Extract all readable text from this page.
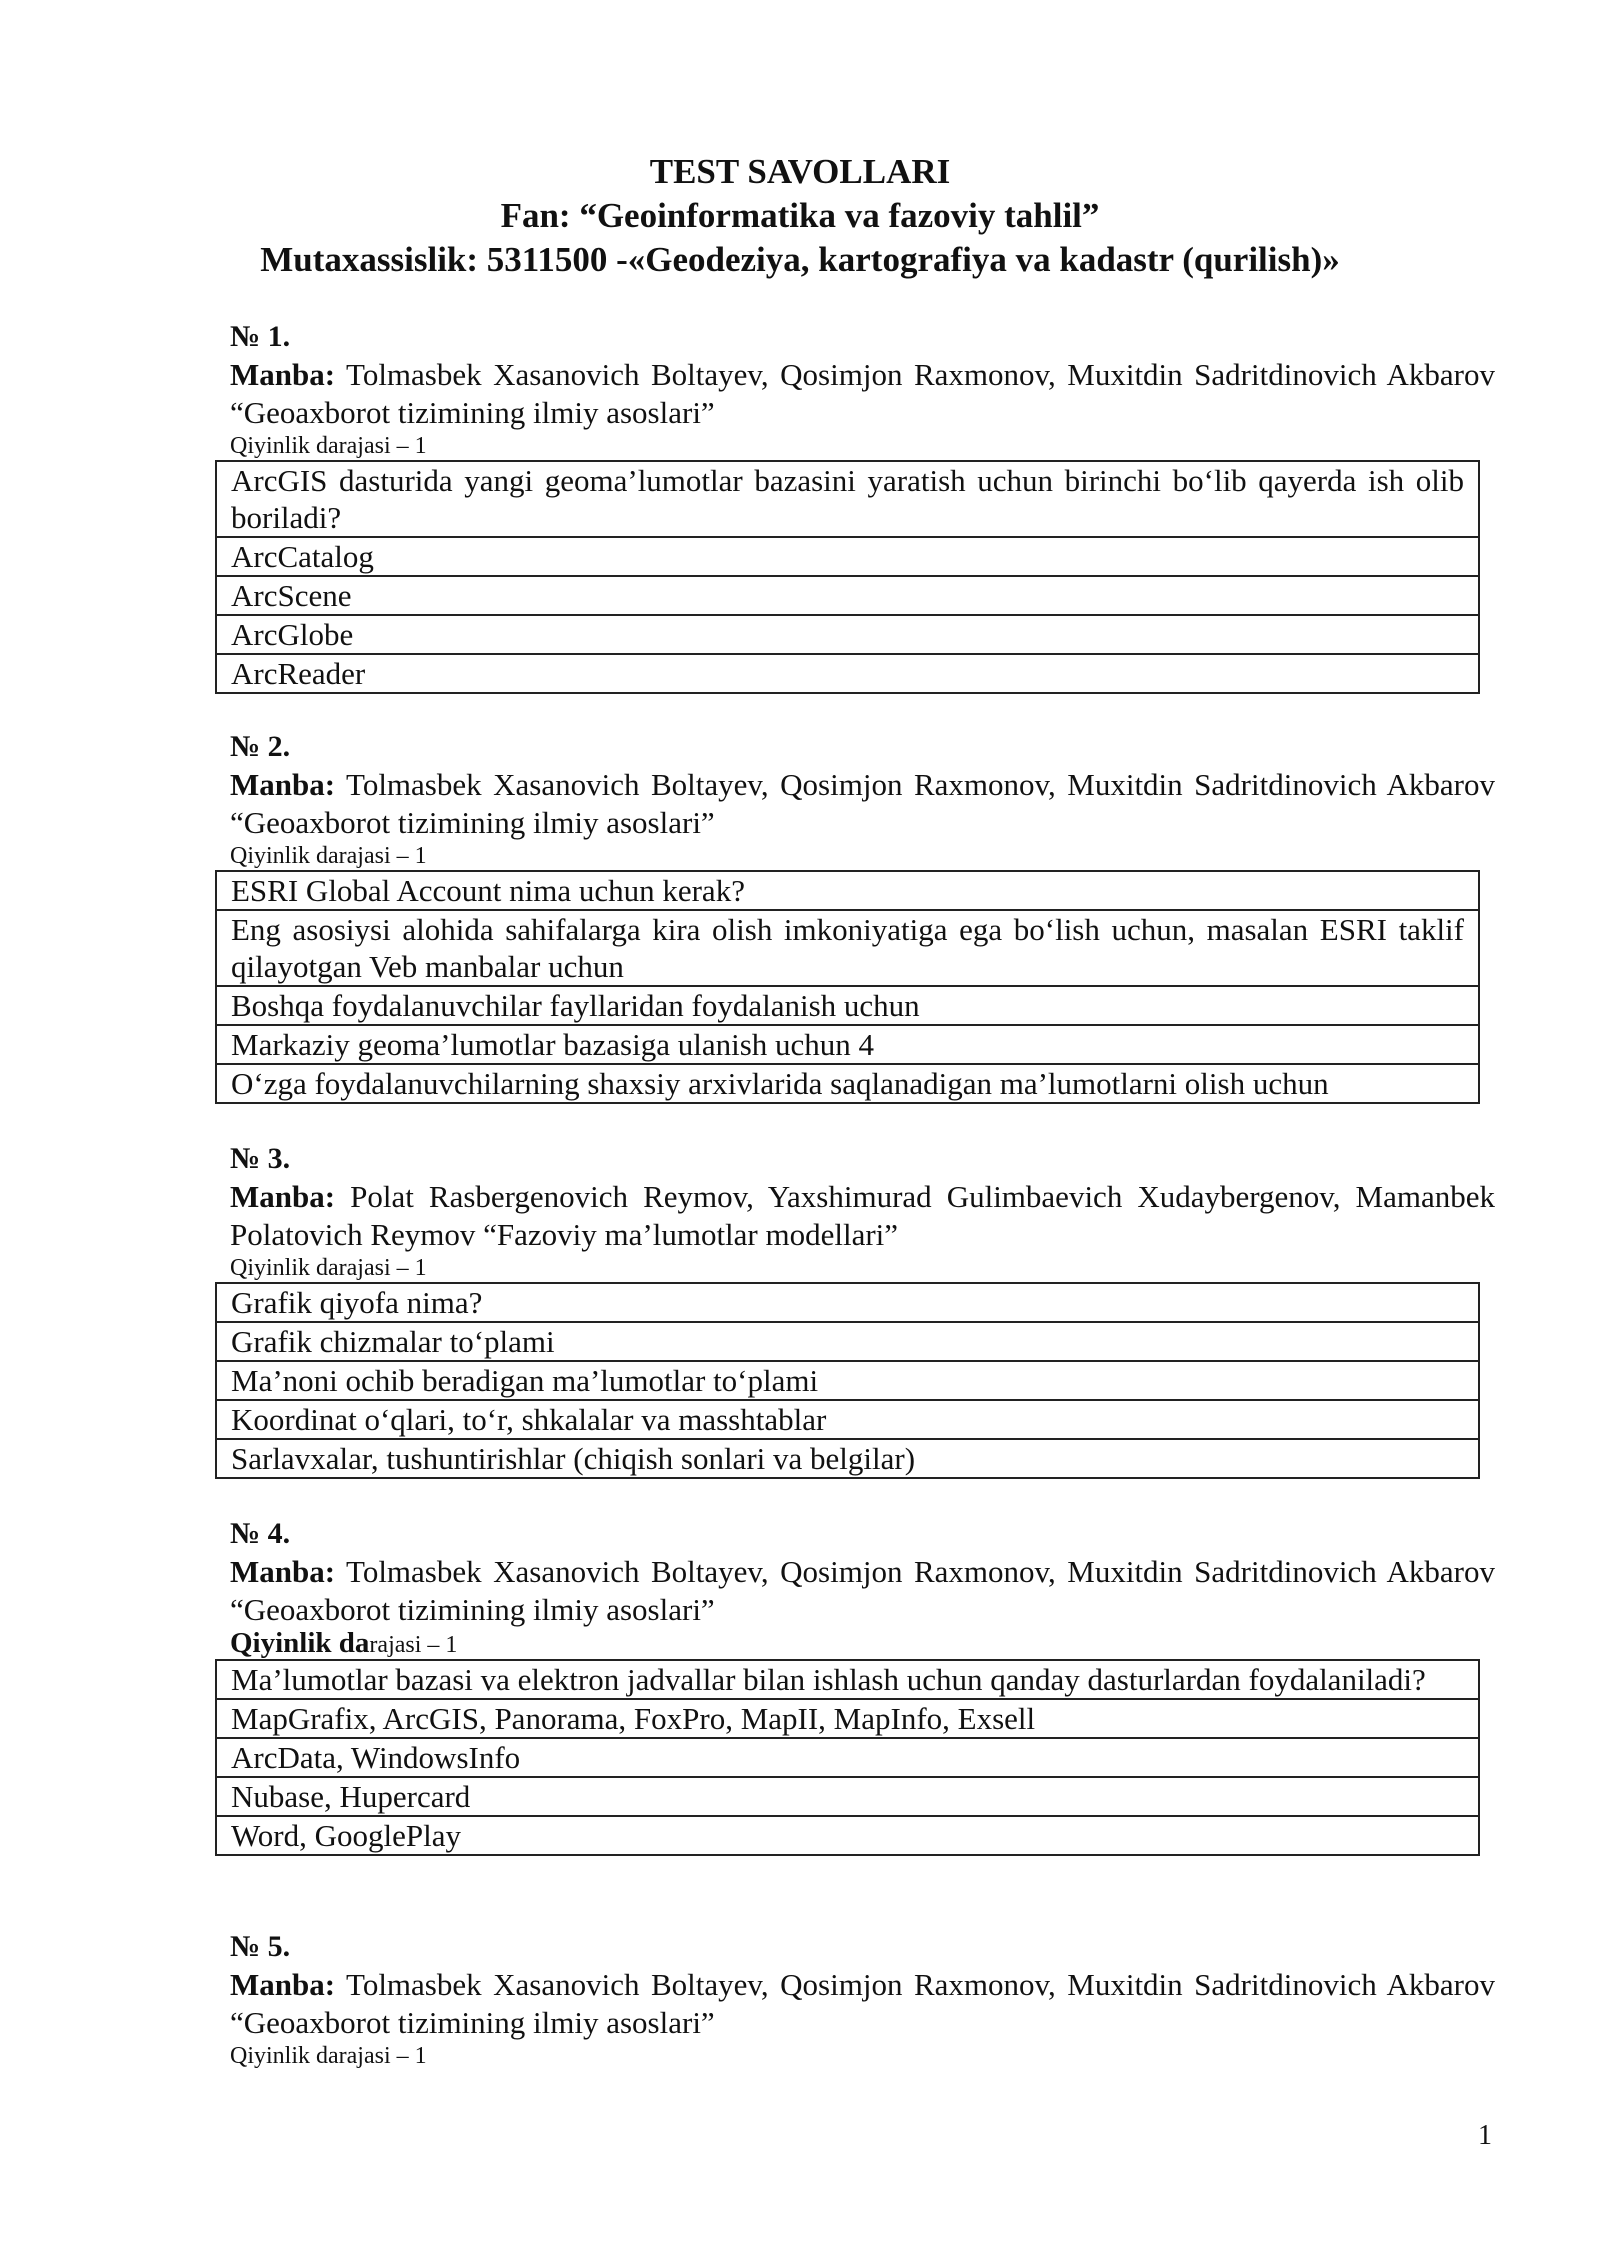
TEST SAVOLLARI
Fan: “Geoinformatika va fazoviy tahlil”
Mutaxassislik: 5311500 -«Geodeziya, kartografiya va kadastr (qurilish)»
№ 1.
Manba: Tolmasbek Xasanovich Boltayev, Qosimjon Raxmonov, Muxitdin Sadritdinovich Akbarov “Geoaxborot tizimining ilmiy asoslari”
Qiyinlik darajasi – 1
ArcGIS dasturida yangi geoma’lumotlar bazasini yaratish uchun birinchi bo‘lib qayerda ish olib boriladi?
ArcCatalog
ArcScene
ArcGlobe
ArcReader
№ 2.
Manba: Tolmasbek Xasanovich Boltayev, Qosimjon Raxmonov, Muxitdin Sadritdinovich Akbarov “Geoaxborot tizimining ilmiy asoslari”
Qiyinlik darajasi – 1
ESRI Global Account nima uchun kerak?
Eng asosiysi alohida sahifalarga kira olish imkoniyatiga ega bo‘lish uchun, masalan ESRI taklif qilayotgan Veb manbalar uchun
Boshqa foydalanuvchilar fayllaridan foydalanish uchun
Markaziy geoma’lumotlar bazasiga ulanish uchun 4
O‘zga foydalanuvchilarning shaxsiy arxivlarida saqlanadigan ma’lumotlarni olish uchun
№ 3.
Manba: Polat Rasbergenovich Reymov, Yaxshimurad Gulimbaevich Xudaybergenov, Mamanbek Polatovich Reymov “Fazoviy ma’lumotlar modellari”
Qiyinlik darajasi – 1
Grafik qiyofa nima?
Grafik chizmalar to‘plami
Ma’noni ochib beradigan ma’lumotlar to‘plami
Koordinat o‘qlari, to‘r, shkalalar va masshtablar
Sarlavxalar, tushuntirishlar (chiqish sonlari va belgilar)
№ 4.
Manba: Tolmasbek Xasanovich Boltayev, Qosimjon Raxmonov, Muxitdin Sadritdinovich Akbarov “Geoaxborot tizimining ilmiy asoslari”
Qiyinlik darajasi – 1
Ma’lumotlar bazasi va elektron jadvallar bilan ishlash uchun qanday dasturlardan foydalaniladi?
MapGrafix, ArcGIS, Panorama, FoxPro, MapII, MapInfo, Exsell
ArcData, WindowsInfo
Nubase, Hupercard
Word, GooglePlay
№ 5.
Manba: Tolmasbek Xasanovich Boltayev, Qosimjon Raxmonov, Muxitdin Sadritdinovich Akbarov “Geoaxborot tizimining ilmiy asoslari”
Qiyinlik darajasi – 1
1
